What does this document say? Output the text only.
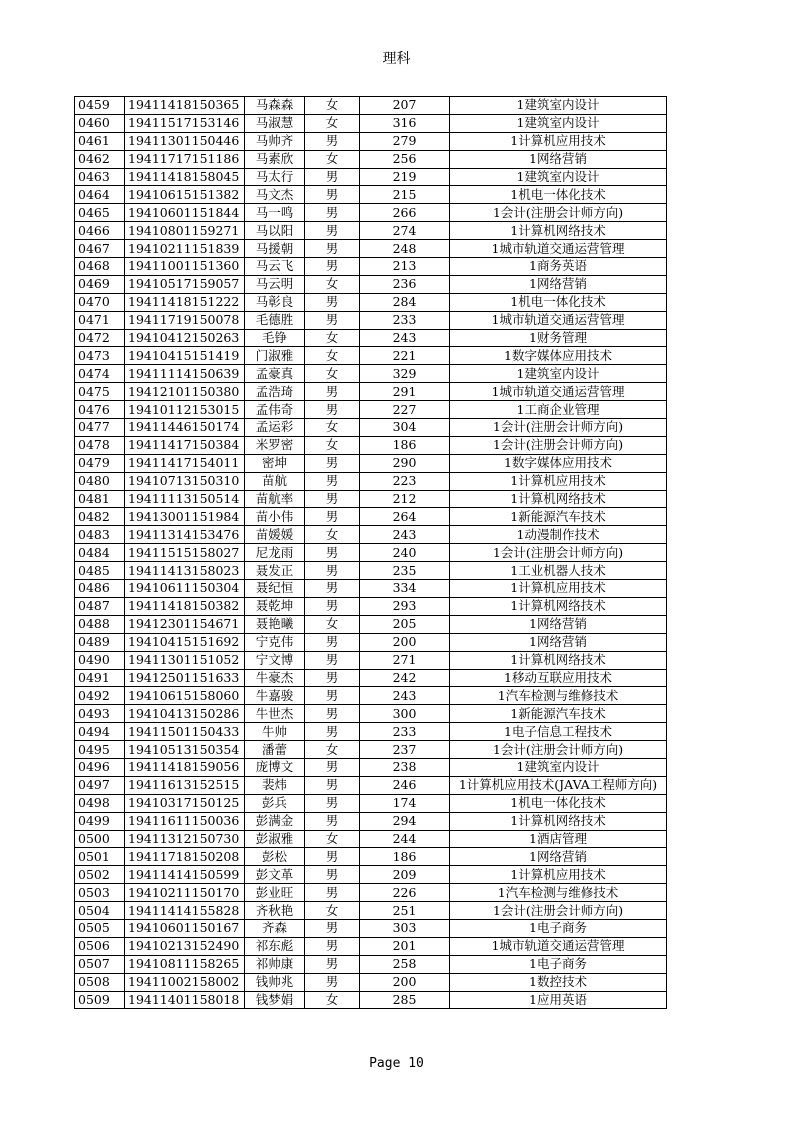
理科
0459	19411418150365	马森森	女	207	1建筑室内设计
0460	19411517153146	马淑慧	女	316	1建筑室内设计
0461	19411301150446	马帅齐	男	279	1计算机应用技术
0462	19411717151186	马素欣	女	256	1网络营销
0463	19411418158045	马太行	男	219	1建筑室内设计
0464	19410615151382	马文杰	男	215	1机电一体化技术
0465	19410601151844	马一鸣	男	266	1会计(注册会计师方向)
0466	19410801159271	马以阳	男	274	1计算机网络技术
0467	19410211151839	马援朝	男	248	1城市轨道交通运营管理
0468	19411001151360	马云飞	男	213	1商务英语
0469	19410517159057	马云明	女	236	1网络营销
0470	19411418151222	马彰良	男	284	1机电一体化技术
0471	19411719150078	毛德胜	男	233	1城市轨道交通运营管理
0472	19410412150263	毛铮	女	243	1财务管理
0473	19410415151419	门淑雅	女	221	1数字媒体应用技术
0474	19411114150639	孟豪真	女	329	1建筑室内设计
0475	19412101150380	孟浩琦	男	291	1城市轨道交通运营管理
0476	19410112153015	孟伟奇	男	227	1工商企业管理
0477	19411446150174	孟运彩	女	304	1会计(注册会计师方向)
0478	19411417150384	米罗密	女	186	1会计(注册会计师方向)
0479	19411417154011	密坤	男	290	1数字媒体应用技术
0480	19410713150310	苗航	男	223	1计算机应用技术
0481	19411113150514	苗航率	男	212	1计算机网络技术
0482	19413001151984	苗小伟	男	264	1新能源汽车技术
0483	19411314153476	苗媛媛	女	243	1动漫制作技术
0484	19411515158027	尼龙雨	男	240	1会计(注册会计师方向)
0485	19411413158023	聂发正	男	235	1工业机器人技术
0486	19410611150304	聂纪恒	男	334	1计算机应用技术
0487	19411418150382	聂乾坤	男	293	1计算机网络技术
0488	19412301154671	聂艳曦	女	205	1网络营销
0489	19410415151692	宁克伟	男	200	1网络营销
0490	19411301151052	宁文博	男	271	1计算机网络技术
0491	19412501151633	牛豪杰	男	242	1移动互联应用技术
0492	19410615158060	牛嘉骏	男	243	1汽车检测与维修技术
0493	19410413150286	牛世杰	男	300	1新能源汽车技术
0494	19411501150433	牛帅	男	233	1电子信息工程技术
0495	19410513150354	潘蕾	女	237	1会计(注册会计师方向)
0496	19411418159056	庞博文	男	238	1建筑室内设计
0497	19411613152515	裴炜	男	246	1计算机应用技术(JAVA工程师方向)
0498	19410317150125	彭兵	男	174	1机电一体化技术
0499	19411611150036	彭满金	男	294	1计算机网络技术
0500	19411312150730	彭淑雅	女	244	1酒店管理
0501	19411718150208	彭松	男	186	1网络营销
0502	19411414150599	彭文革	男	209	1计算机应用技术
0503	19410211150170	彭业旺	男	226	1汽车检测与维修技术
0504	19411414155828	齐秋艳	女	251	1会计(注册会计师方向)
0505	19410601150167	齐森	男	303	1电子商务
0506	19410213152490	祁东彪	男	201	1城市轨道交通运营管理
0507	19410811158265	祁帅康	男	258	1电子商务
0508	19411002158002	钱帅兆	男	200	1数控技术
0509	19411401158018	钱梦娟	女	285	1应用英语
Page 10
